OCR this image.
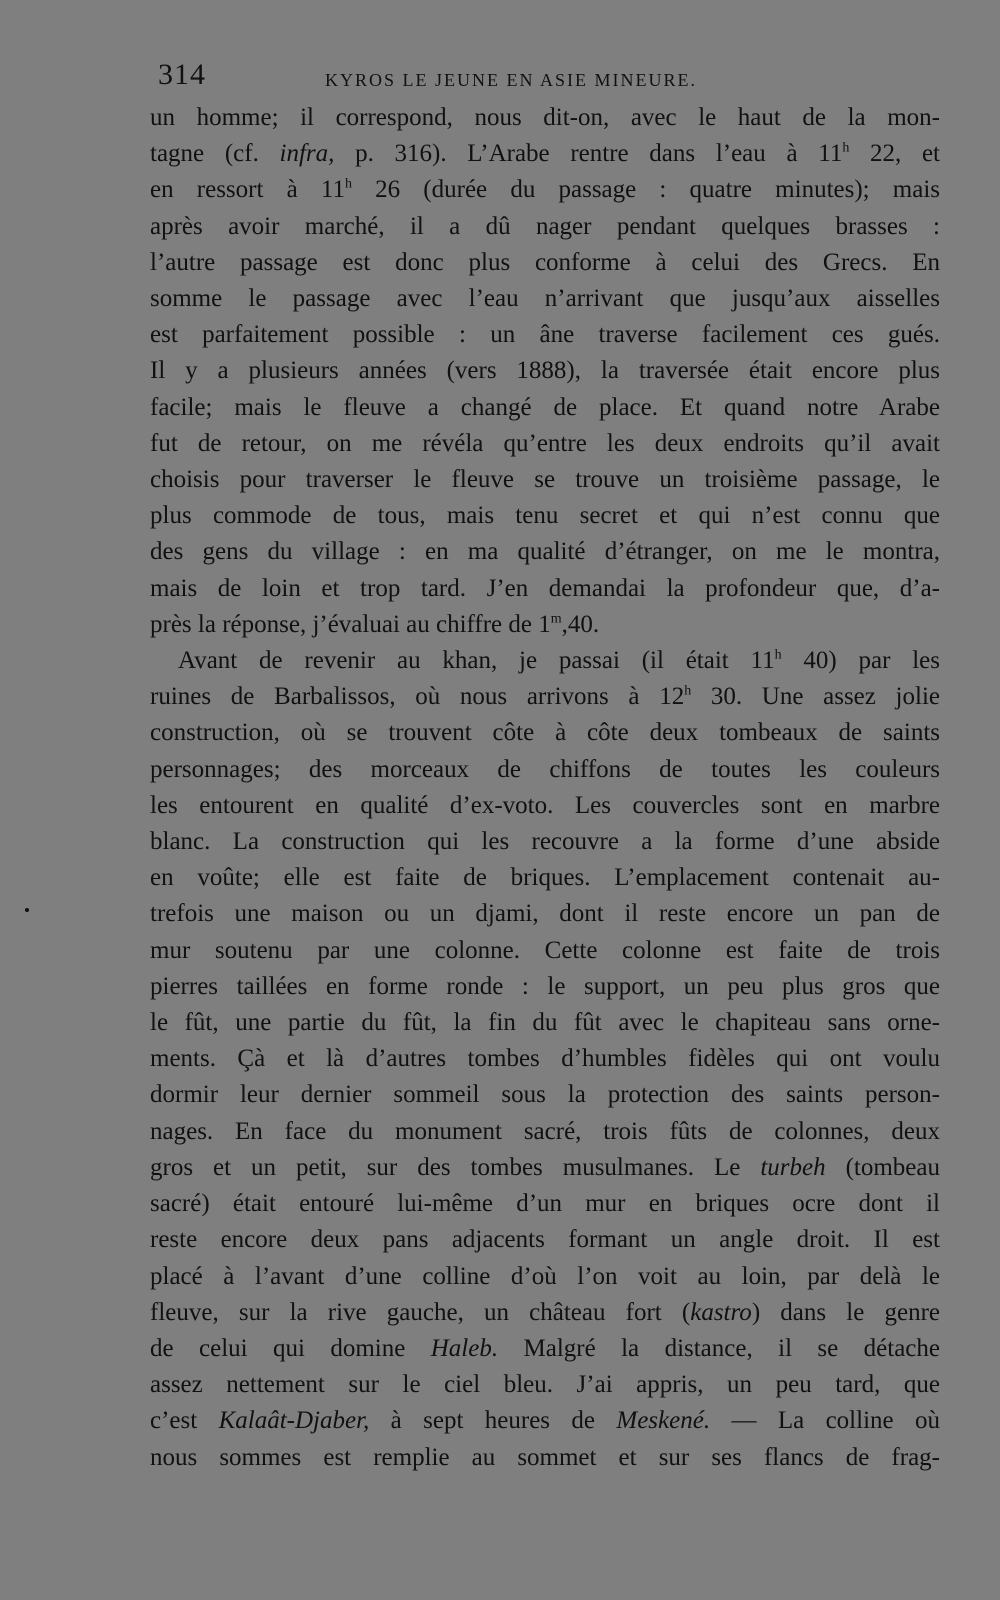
314	KYROS LE JEUNE EN ASIE MINEURE.

un homme; il correspond, nous dit-on, avec le haut de la mon-
tagne (cf. infra, p. 316). L’Arabe rentre dans l’eau à 11$^h$ 22, et
en ressort à 11$^h$ 26 (durée du passage : quatre minutes); mais
après avoir marché, il a dû nager pendant quelques brasses :
l’autre passage est donc plus conforme à celui des Grecs. En
somme le passage avec l’eau n’arrivant que jusqu’aux aisselles
est parfaitement possible : un âne traverse facilement ces gués.
Il y a plusieurs années (vers 1888), la traversée était encore plus
facile; mais le fleuve a changé de place. Et quand notre Arabe
fut de retour, on me révéla qu’entre les deux endroits qu’il avait
choisis pour traverser le fleuve se trouve un troisième passage, le
plus commode de tous, mais tenu secret et qui n’est connu que
des gens du village : en ma qualité d’étranger, on me le montra,
mais de loin et trop tard. J’en demandai la profondeur que, d’a-
près la réponse, j’évaluai au chiffre de 1$^m$,40.

Avant de revenir au khan, je passai (il était 11$^h$ 40) par les
ruines de Barbalissos, où nous arrivons à 12$^h$ 30. Une assez jolie
construction, où se trouvent côte à côte deux tombeaux de saints
personnages; des morceaux de chiffons de toutes les couleurs
les entourent en qualité d’ex-voto. Les couvercles sont en marbre
blanc. La construction qui les recouvre a la forme d’une abside
en voûte; elle est faite de briques. L’emplacement contenait au-
trefois une maison ou un djami, dont il reste encore un pan de
mur soutenu par une colonne. Cette colonne est faite de trois
pierres taillées en forme ronde : le support, un peu plus gros que
le fût, une partie du fût, la fin du fût avec le chapiteau sans orne-
ments. Çà et là d’autres tombes d’humbles fidèles qui ont voulu
dormir leur dernier sommeil sous la protection des saints person-
nages. En face du monument sacré, trois fûts de colonnes, deux
gros et un petit, sur des tombes musulmanes. Le turbeh (tombeau
sacré) était entouré lui-même d’un mur en briques ocre dont il
reste encore deux pans adjacents formant un angle droit. Il est
placé à l’avant d’une colline d’où l’on voit au loin, par delà le
fleuve, sur la rive gauche, un château fort (kastro) dans le genre
de celui qui domine Haleb. Malgré la distance, il se détache
assez nettement sur le ciel bleu. J’ai appris, un peu tard, que
c’est Kalaât-Djaber, à sept heures de Meskené. — La colline où
nous sommes est remplie au sommet et sur ses flancs de frag-
